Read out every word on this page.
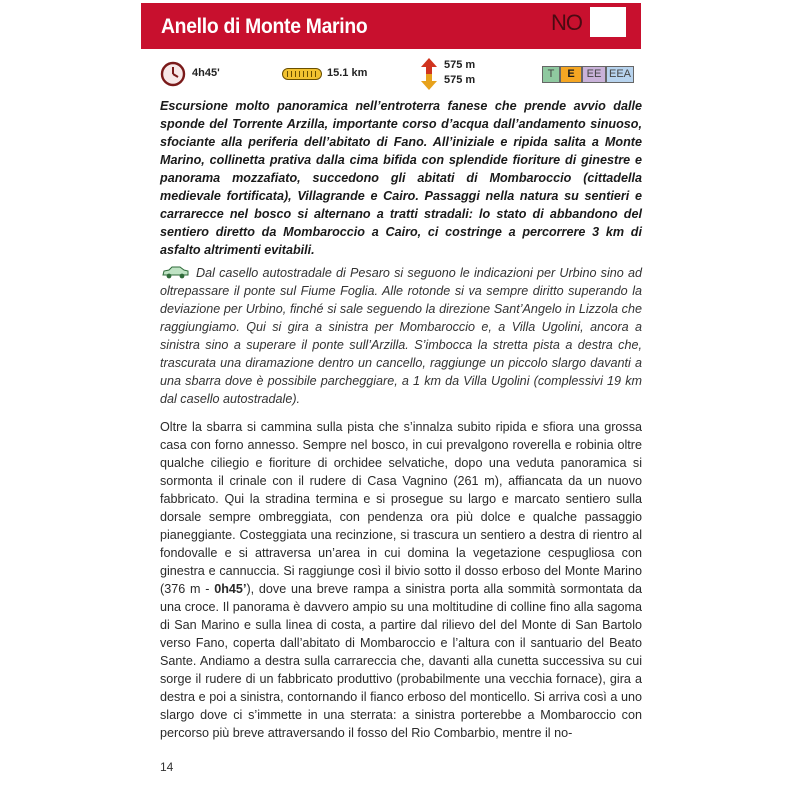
Anello di Monte Marino	NO
4h45'	15.1 km
575 m
575 m	T	E	EE EEA
Escursione molto panoramica nell’entroterra fanese che prende avvio dalle sponde del Torrente Arzilla, importante corso d’acqua dall’andamento sinuoso, sfociante alla periferia dell’abitato di Fano. All’iniziale e ripida salita a Monte Marino, collinetta prativa dalla cima bifida con splendide fioriture di ginestre e panorama mozzafiato, succedono gli abitati di Mombaroccio (cittadella medievale fortificata), Villagrande e Cairo. Passaggi nella natura su sentieri e carrarecce nel bosco si alternano a tratti stradali: lo stato di abbandono del sentiero diretto da Mombaroccio a Cairo, ci costringe a percorrere 3 km di asfalto altrimenti evitabili.
Dal casello autostradale di Pesaro si seguono le indicazioni per Urbino sino ad oltrepassare il ponte sul Fiume Foglia. Alle rotonde si va sempre diritto superando la deviazione per Urbino, finché si sale seguendo la direzione Sant’Angelo in Lizzola che raggiungiamo. Qui si gira a sinistra per Mombaroccio e, a Villa Ugolini, ancora a sinistra sino a superare il ponte sull’Arzilla. S’imbocca la stretta pista a destra che, trascurata una diramazione dentro un cancello, raggiunge un piccolo slargo davanti a una sbarra dove è possibile parcheggiare, a 1 km da Villa Ugolini (complessivi 19 km dal casello autostradale).
Oltre la sbarra si cammina sulla pista che s’innalza subito ripida e sfiora una grossa casa con forno annesso. Sempre nel bosco, in cui prevalgono roverella e robinia oltre qualche ciliegio e fioriture di orchidee selvatiche, dopo una veduta panoramica si sormonta il crinale con il rudere di Casa Vagnino (261 m), affiancata da un nuovo fabbricato. Qui la stradina termina e si prosegue su largo e marcato sentiero sulla dorsale sempre ombreggiata, con pendenza ora più dolce e qualche passaggio pianeggiante. Costeggiata una recinzione, si trascura un sentiero a destra di rientro al fondovalle e si attraversa un’area in cui domina la vegetazione cespugliosa con ginestra e cannuccia. Si raggiunge così il bivio sotto il dosso erboso del Monte Marino (376 m - 0h45’), dove una breve rampa a sinistra porta alla sommità sormontata da una croce. Il panorama è davvero ampio su una moltitudine di colline fino alla sagoma di San Marino e sulla linea di costa, a partire dal rilievo del del Monte di San Bartolo verso Fano, coperta dall’abitato di Mombaroccio e l’altura con il santuario del Beato Sante. Andiamo a destra sulla carrareccia che, davanti alla cunetta successiva su cui sorge il rudere di un fabbricato produttivo (probabilmente una vecchia fornace), gira a destra e poi a sinistra, contornando il fianco erboso del monticello. Si arriva così a uno slargo dove ci s’immette in una sterrata: a sinistra porterebbe a Mombaroccio con percorso più breve attraversando il fosso del Rio Combarbio, mentre il no-
14
